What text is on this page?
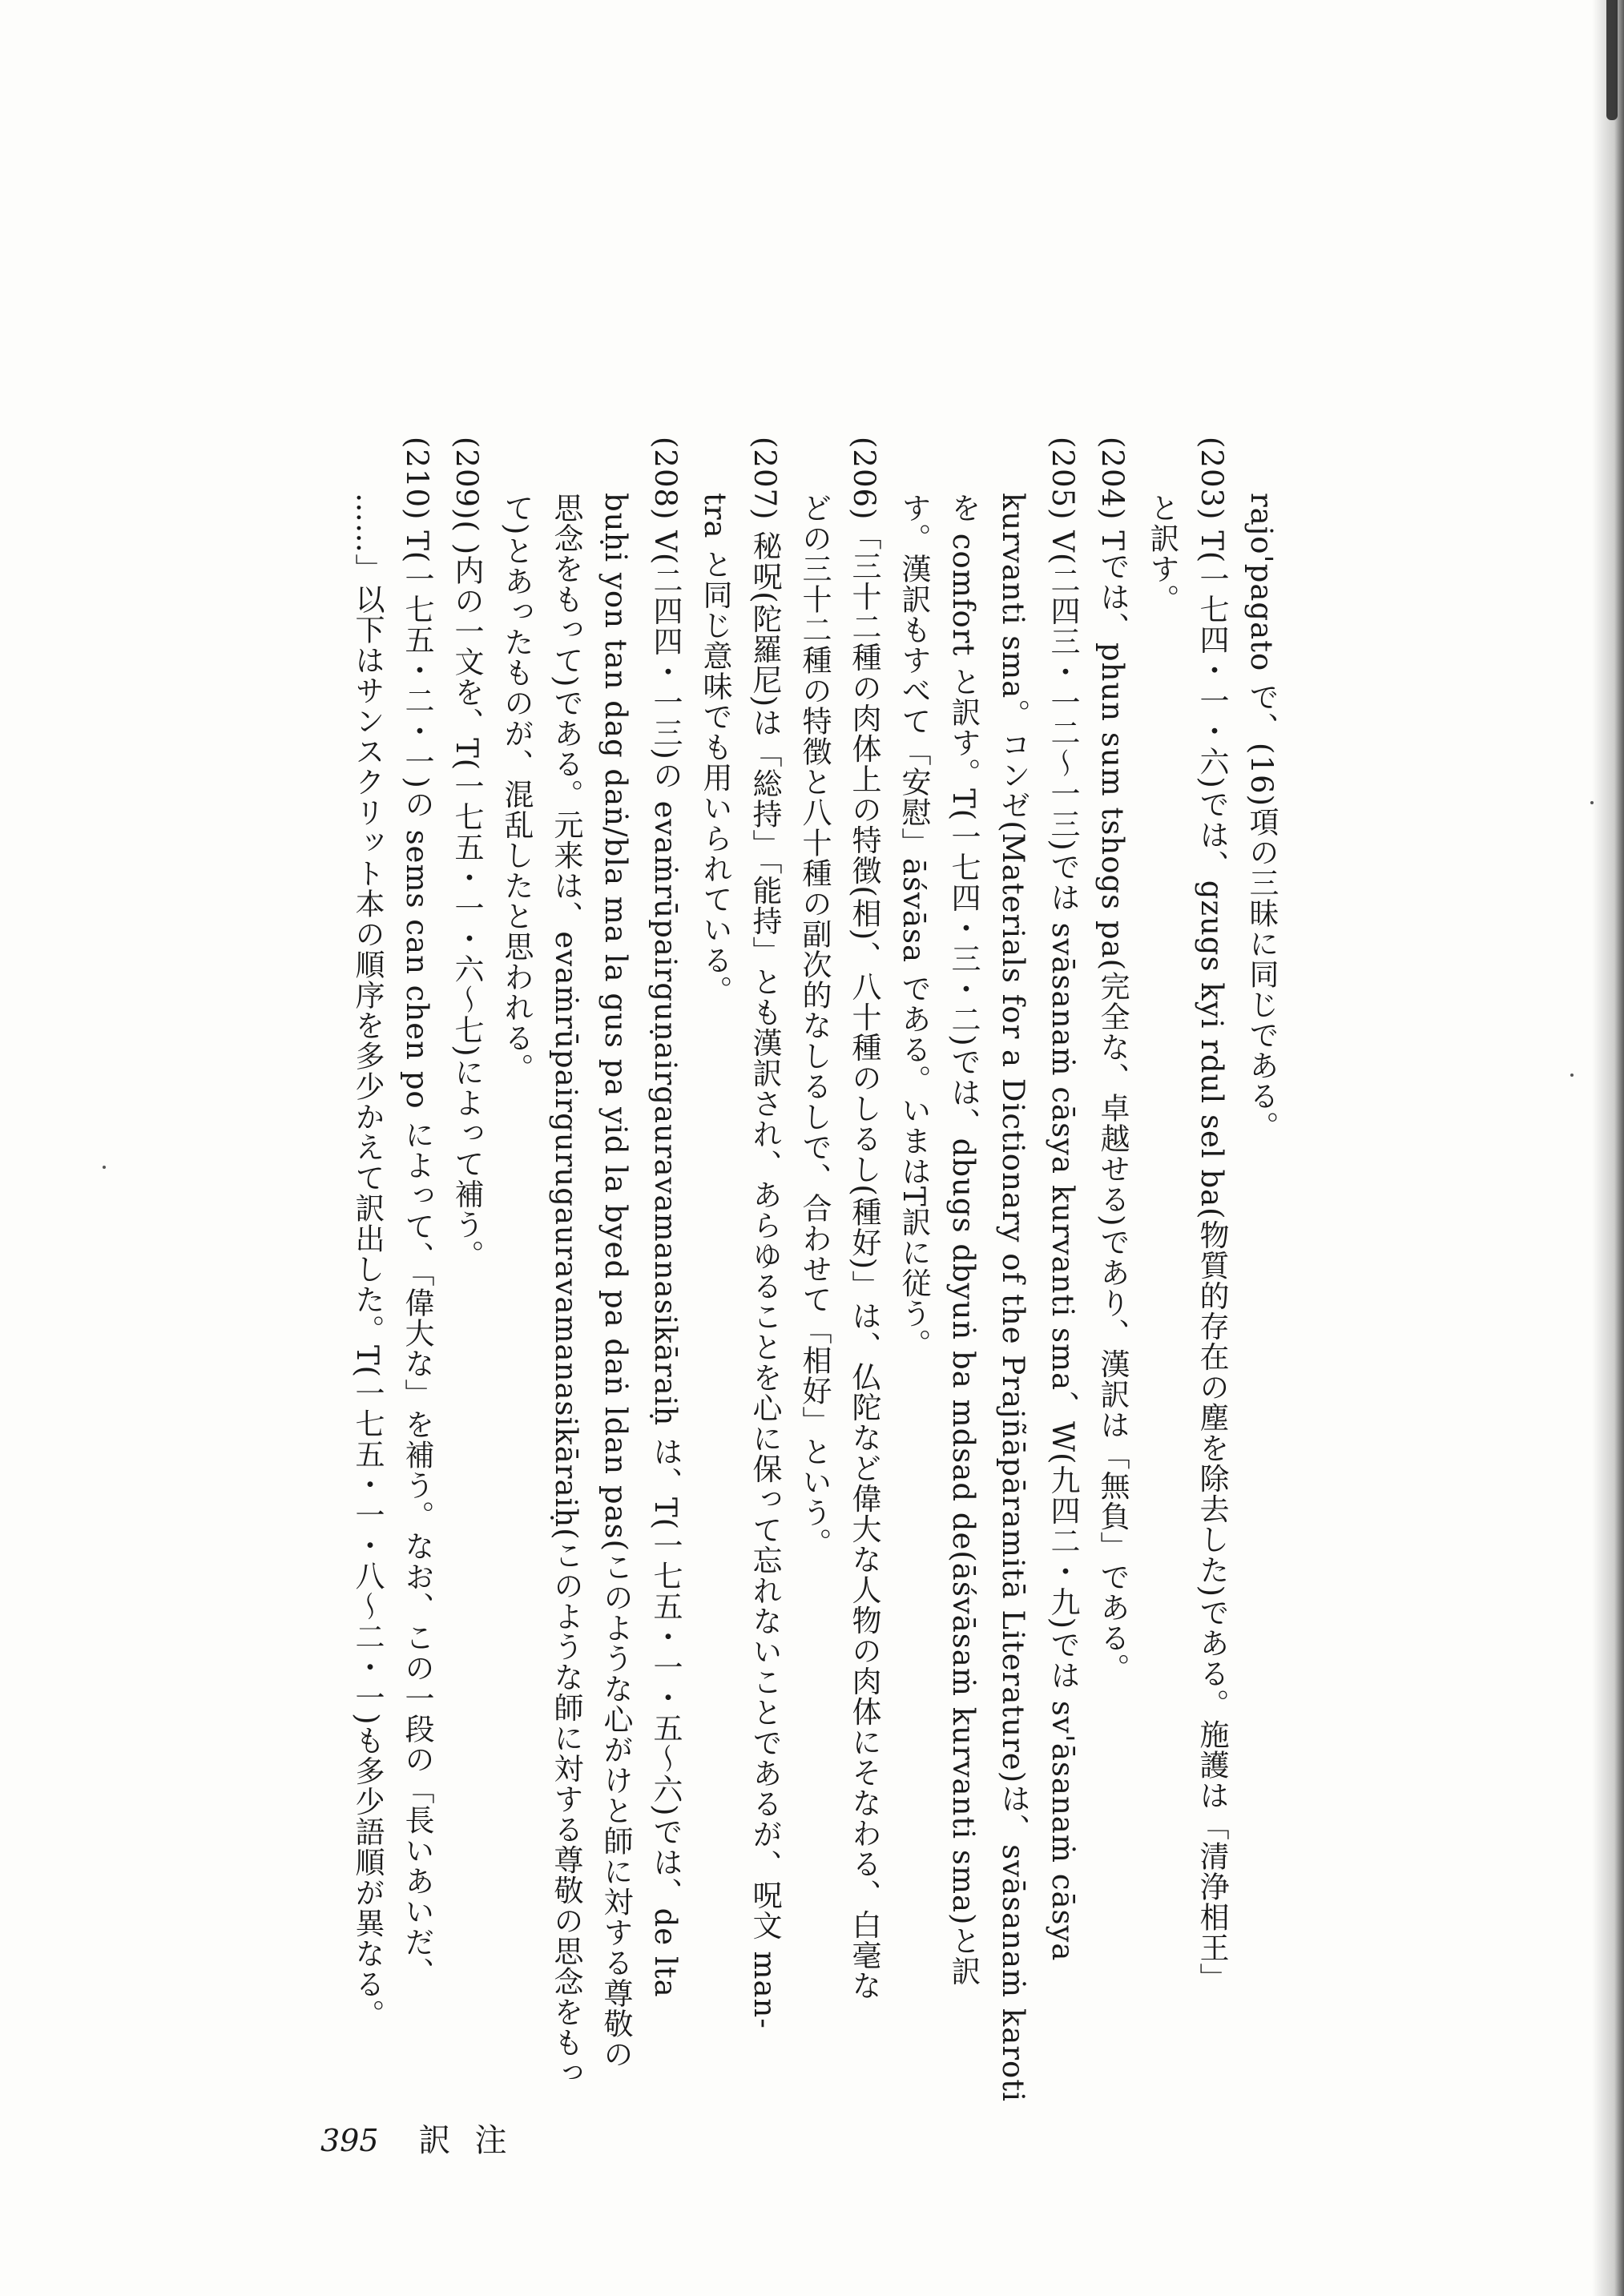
rajo'pagato で、(16)項の三昧に同じである。
(203) T(一七四・一・六)では、gzugs kyi rdul sel ba(物質的存在の塵を除去した)である。施護は「清浄相王」
と訳す。
(204) Tでは、phun sum tshogs pa(完全な、卓越せる)であり、漢訳は「無負」である。
(205) V(二四三・一二〜一三)では svāsanaṁ cāsya kurvanti sma、W(九四二・九)では sv'āsanaṁ cāsya
kurvanti sma。コンゼ(Materials for a Dictionary of the Prajñāpāramitā Literature)は、svāsanaṁ karoti
を comfort と訳す。T(一七四・三・二)では、dbugs dbyuṅ ba mdsad de(āśvāsaṁ kurvanti sma)と訳
す。漢訳もすべて「安慰」āśvāsa である。いまはT訳に従う。
(206)「三十二種の肉体上の特徴(相)、八十種のしるし(種好)」は、仏陀など偉大な人物の肉体にそなわる、白毫な
どの三十二種の特徴と八十種の副次的なしるしで、合わせて「相好」という。
(207) 秘呪(陀羅尼)は「総持」「能持」とも漢訳され、あらゆることを心に保って忘れないことであるが、呪文 man-
tra と同じ意味でも用いられている。
(208) V(二四四・一三)の evaṁrūpairguṇairgauravamanasikāraiḥ は、T(一七五・一・五〜六)では、de lta
buḥi yon tan dag daṅ/bla ma la gus pa yid la byed pa daṅ ldan pas(このような心がけと師に対する尊敬の
思念をもって)である。元来は、evaṁrūpairgurugauravamanasikāraiḥ(このような師に対する尊敬の思念をもっ
て)とあったものが、混乱したと思われる。
(209)( )内の一文を、T(一七五・一・六〜七)によって補う。
(210) T(一七五・二・一)の sems can chen po によって、「偉大な」を補う。なお、この一段の「長いあいだ、
……」以下はサンスクリット本の順序を多少かえて訳出した。T(一七五・一・八〜二・一)も多少語順が異なる。
395 訳注
